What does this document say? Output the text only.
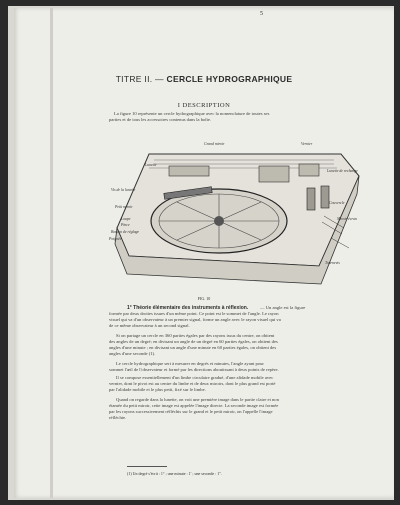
5
TITRE II. — CERCLE HYDROGRAPHIQUE
I DESCRIPTION
La figure 10 représente un cercle hydrographique avec la nomenclature de toutes ses
parties et de tous les accessoires contenus dans la boîte.
Grand miroir	Vernier
Lunette
Lunette de rechange
Vis de la lunette
Petit miroir
Couvercle
Miroir-écran
Loupe
Pince
Bouton de réglage
Poignée
Tournevis
FIG. 10
1° Théorie élémentaire des instruments à réflexion.	— Un angle est la figure
formée par deux droites issues d'un même point. Ce point est le sommet de l'angle. Le rayon
visuel qui va d'un observateur à un premier signal, forme un angle avec le rayon visuel qui va
de ce même observateur à un second signal.
Si on partage un cercle en 360 parties égales par des rayons issus du centre, on obtient
des angles de un degré; en divisant un angle de un degré en 60 parties égales, on obtient des
angles d'une minute ; en divisant un angle d'une minute en 60 parties égales, on obtient des
angles d'une seconde (1).
Le cercle hydrographique sert à mesurer en degrés et minutes, l'angle ayant pour
sommet l'œil de l'observateur et formé par les directions aboutissant à deux points de repère.
Il se compose essentiellement d'un limbe circulaire gradué, d'une alidade mobile avec
vernier, dont le pivot est au centre du limbe et de deux miroirs, dont le plus grand est porté
par l'alidade mobile et le plus petit, fixé sur le limbe.
Quand on regarde dans la lunette, on voit une première image dans le partie claire et non
étamée du petit miroir, cette image est appelée l'image directe. La seconde image est formée
par les rayons successivement réfléchis sur le grand et le petit miroir, on l'appelle l'image
réfléchie.
(1) Un degré s'écrit : 1° ; une minute : 1' ; une seconde : 1".
